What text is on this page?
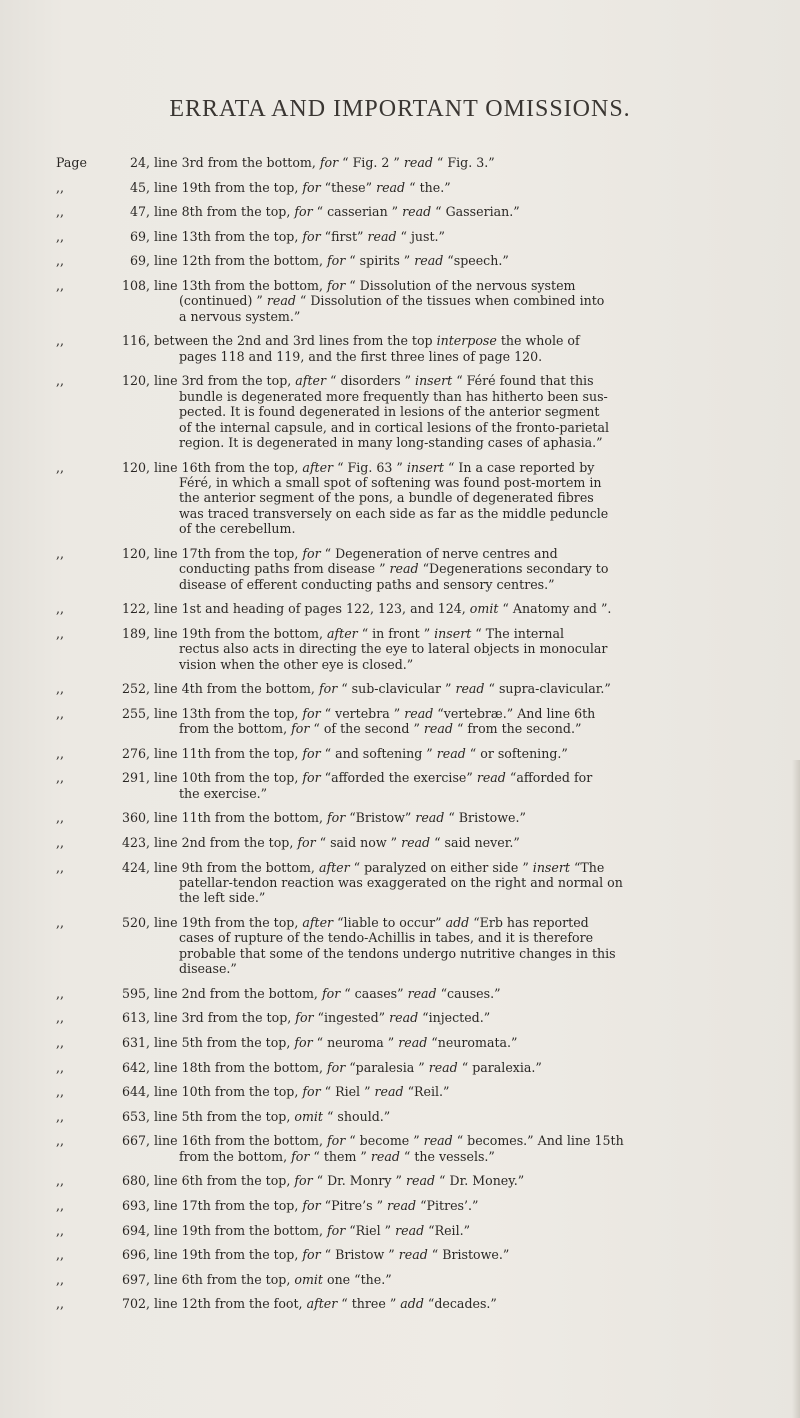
ERRATA AND IMPORTANT OMISSIONS.
Page	24 , line 3rd from the bottom, for “ Fig. 2 ” read “ Fig. 3.”
,,	45 , line 19th from the top, for “these” read “ the.”
,,	47 , line 8th from the top, for “ casserian ” read “ Gasserian.”
,,	69 , line 13th from the top, for “first” read “ just.”
,,	69 , line 12th from the bottom, for “ spirits ” read “speech.”
,,	108 , line 13th from the bottom, for “ Dissolution of the nervous system
(continued) ” read “ Dissolution of the tissues when combined into
a nervous system.”
,,	116 , between the 2nd and 3rd lines from the top interpose the whole of
pages 118 and 119, and the first three lines of page 120.
,,	120 , line 3rd from the top, after “ disorders ” insert “ Féré found that this
bundle is degenerated more frequently than has hitherto been sus-
pected. It is found degenerated in lesions of the anterior segment
of the internal capsule, and in cortical lesions of the fronto-parietal
region. It is degenerated in many long-standing cases of aphasia.”
,,	120 , line 16th from the top, after “ Fig. 63 ” insert “ In a case reported by
Féré, in which a small spot of softening was found post-mortem in
the anterior segment of the pons, a bundle of degenerated fibres
was traced transversely on each side as far as the middle peduncle
of the cerebellum.
,,	120 , line 17th from the top, for “ Degeneration of nerve centres and
conducting paths from disease ” read “Degenerations secondary to
disease of efferent conducting paths and sensory centres.”
,,	122 , line 1st and heading of pages 122, 123, and 124, omit “ Anatomy and ”.
,,	189 , line 19th from the bottom, after “ in front ” insert “ The internal
rectus also acts in directing the eye to lateral objects in monocular
vision when the other eye is closed.”
,,	252 , line 4th from the bottom, for “ sub-clavicular ” read “ supra-clavicular.”
,,	255 , line 13th from the top, for “ vertebra ” read “vertebræ.” And line 6th
from the bottom, for “ of the second ” read “ from the second.”
,,	276 , line 11th from the top, for “ and softening ” read “ or softening.”
,,	291 , line 10th from the top, for “afforded the exercise” read “afforded for
the exercise.”
,,	360 , line 11th from the bottom, for “Bristow” read “ Bristowe.”
,,	423 , line 2nd from the top, for “ said now ” read “ said never.”
,,	424 , line 9th from the bottom, after “ paralyzed on either side ” insert “The
patellar-tendon reaction was exaggerated on the right and normal on
the left side.”
,,	520 , line 19th from the top, after “liable to occur” add “Erb has reported
cases of rupture of the tendo-Achillis in tabes, and it is therefore
probable that some of the tendons undergo nutritive changes in this
disease.”
,,	595 , line 2nd from the bottom, for “ caases” read “causes.”
,,	613 , line 3rd from the top, for “ingested” read “injected.”
,,	631 , line 5th from the top, for “ neuroma ” read “neuromata.”
,,	642 , line 18th from the bottom, for “paralesia ” read “ paralexia.”
,,	644 , line 10th from the top, for “ Riel ” read “Reil.”
,,	653 , line 5th from the top, omit “ should.”
,,	667 , line 16th from the bottom, for “ become ” read “ becomes.” And line 15th
from the bottom, for “ them ” read “ the vessels.”
,,	680 , line 6th from the top, for “ Dr. Monry ” read “ Dr. Money.”
,,	693 , line 17th from the top, for “Pitre’s ” read “Pitres’.”
,,	694 , line 19th from the bottom, for “Riel ” read “Reil.”
,,	696 , line 19th from the top, for “ Bristow ” read “ Bristowe.”
,,	697 , line 6th from the top, omit one “the.”
,,	702 , line 12th from the foot, after “ three ” add “decades.”
